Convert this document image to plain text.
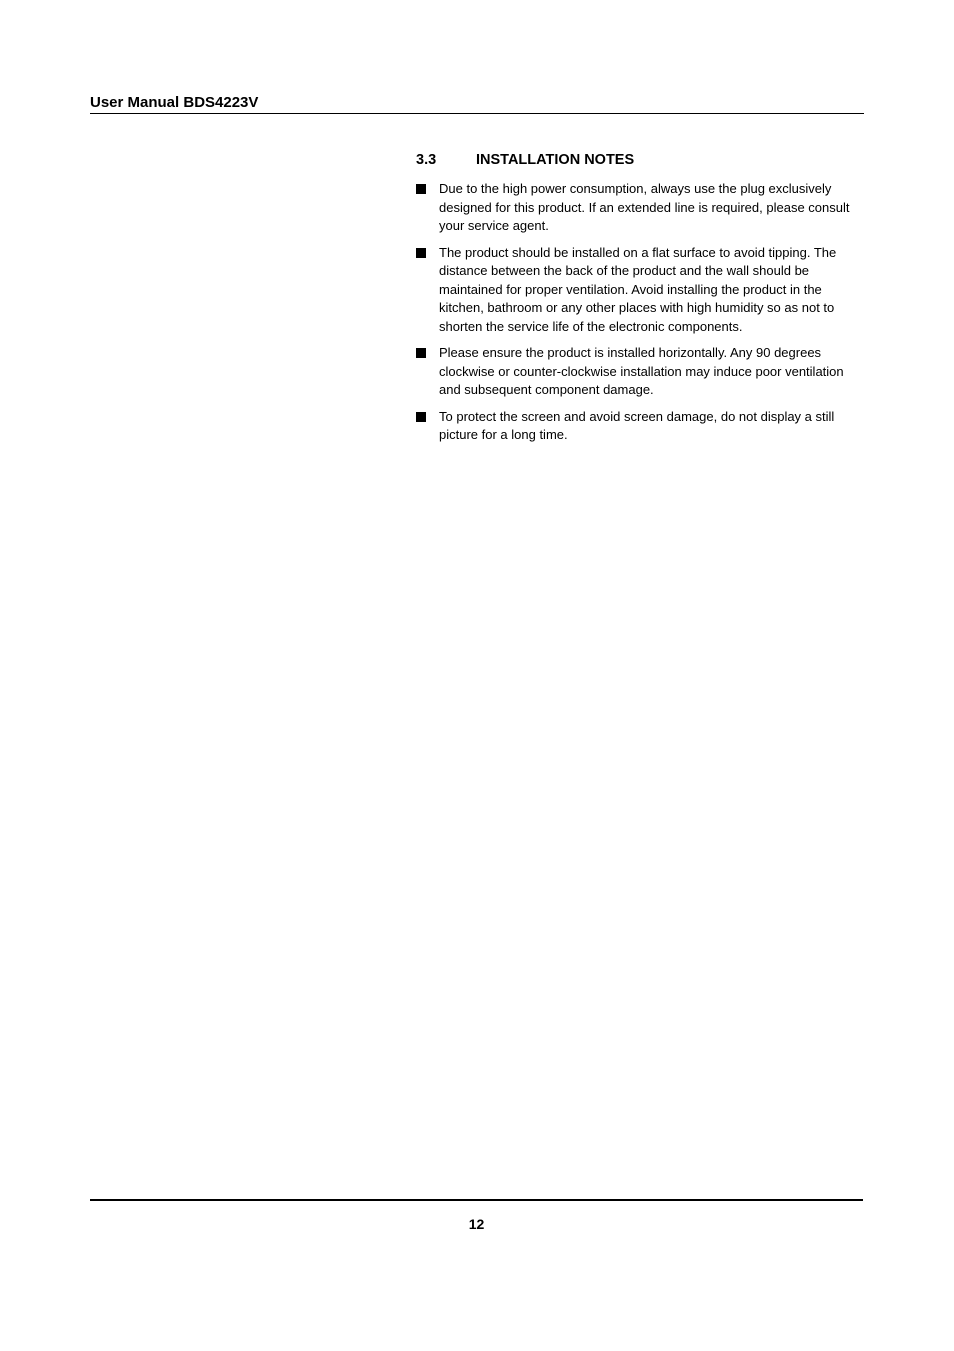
User Manual BDS4223V
3.3	INSTALLATION NOTES
Due to the high power consumption, always use the plug exclusively designed for this product. If an extended line is required, please consult your service agent.
The product should be installed on a flat surface to avoid tipping. The distance between the back of the product and the wall should be maintained for proper ventilation. Avoid installing the product in the kitchen, bathroom or any other places with high humidity so as not to shorten the service life of the electronic components.
Please ensure the product is installed horizontally. Any 90 degrees clockwise or counter-clockwise installation may induce poor ventilation and subsequent component damage.
To protect the screen and avoid screen damage, do not display a still picture for a long time.
12
